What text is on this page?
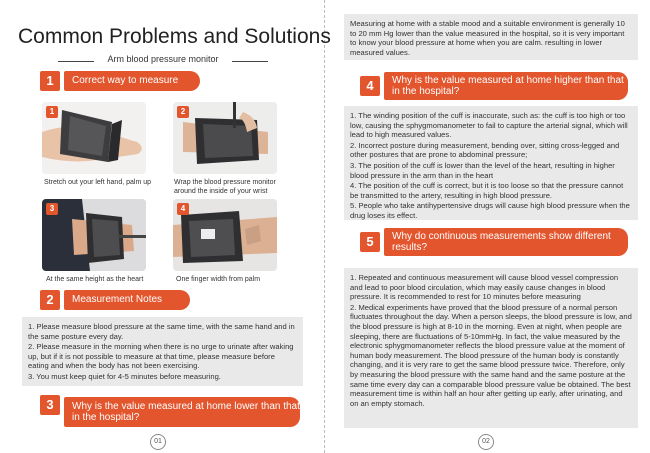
Common Problems and Solutions
Arm blood pressure monitor
1	Correct way to measure
1
Stretch out your left hand, palm up
2
Wrap the blood pressure monitor around the inside of your wrist
3
At the same height as the heart
4
One finger width from palm
2	Measurement Notes

1. Please measure blood pressure at the same time, with the same hand and in the same posture every day.

2. Please measure in the morning when there is no urge to urinate after waking up, but if it is not possible to measure at that time, please measure before eating and when the body has not been exercising.

3. You must keep quiet for 4-5 minutes before measuring.

3	Why is the value measured at home lower than that in the hospital?
01

Measuring at home with a stable mood and a suitable environment is generally 10 to 20 mm Hg lower than the value measured in the hospital, so it is very important to know your blood pressure at home when you are calm. resulting in lower measured values.

4	Why is the value measured at home higher than that in the hospital?

1. The winding position of the cuff is inaccurate, such as: the cuff is too high or too low, causing the sphygmomanometer to fail to capture the arterial signal, which will lead to high measured values.

2. Incorrect posture during measurement, bending over, sitting cross-legged and other postures that are prone to abdominal pressure;

3. The position of the cuff is lower than the level of the heart, resulting in higher blood pressure in the arm than in the heart

4. The position of the cuff is correct, but it is too loose so that the pressure cannot be transmitted to the artery, resulting in high blood pressure.

5. People who take antihypertensive drugs will cause high blood pressure when the drug loses its effect.

5	Why do continuous measurements show different results?

1. Repeated and continuous measurement will cause blood vessel compression and lead to poor blood circulation, which may easily cause changes in blood pressure. It is recommended to rest for 10 minutes before measuring

2. Medical experiments have proved that the blood pressure of a normal person fluctuates throughout the day. When a person sleeps, the blood pressure is low, and the blood pressure is high at 8-10 in the morning. Even at night, when people are sleeping, there are fluctuations of 5-10mmHg. In fact, the value measured by the electronic sphygmomanometer reflects the blood pressure value at the moment of human body measurement. The blood pressure of the human body is constantly changing, and it is very rare to get the same blood pressure twice. Therefore, only by measuring the blood pressure with the same hand and the same posture at the same time every day can a comparable blood pressure value be obtained. The best measurement time is within half an hour after getting up early, after urinating, and on an empty stomach.

02
